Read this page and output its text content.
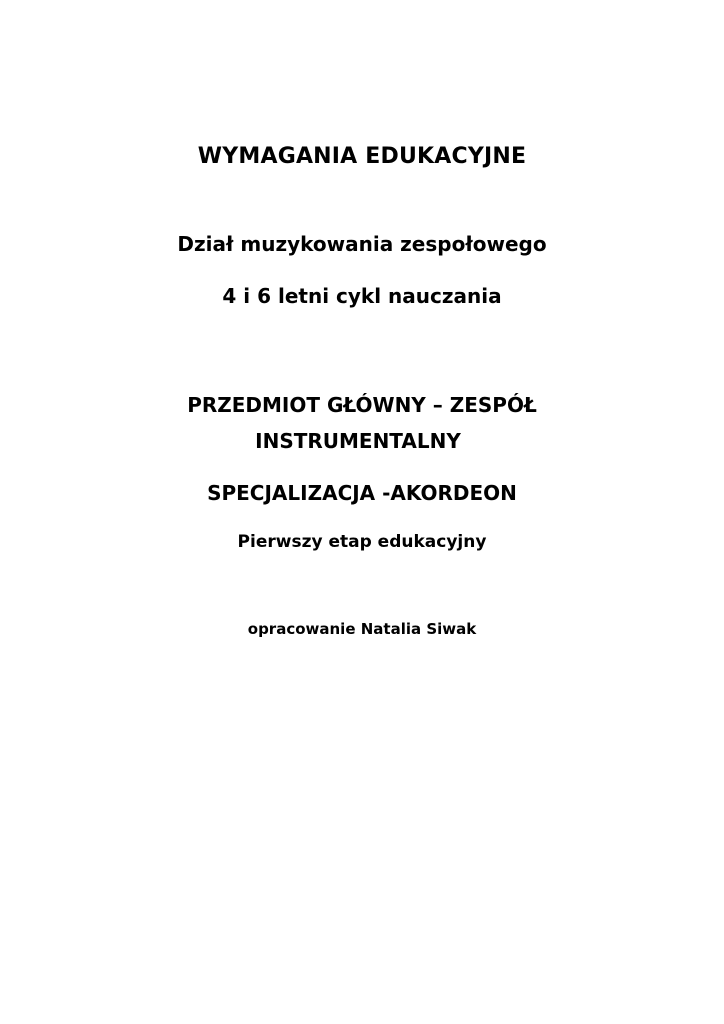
WYMAGANIA EDUKACYJNE
Dział muzykowania zespołowego
4 i 6 letni cykl nauczania
PRZEDMIOT GŁÓWNY – ZESPÓŁ
INSTRUMENTALNY
SPECJALIZACJA -AKORDEON
Pierwszy etap edukacyjny
opracowanie Natalia Siwak
